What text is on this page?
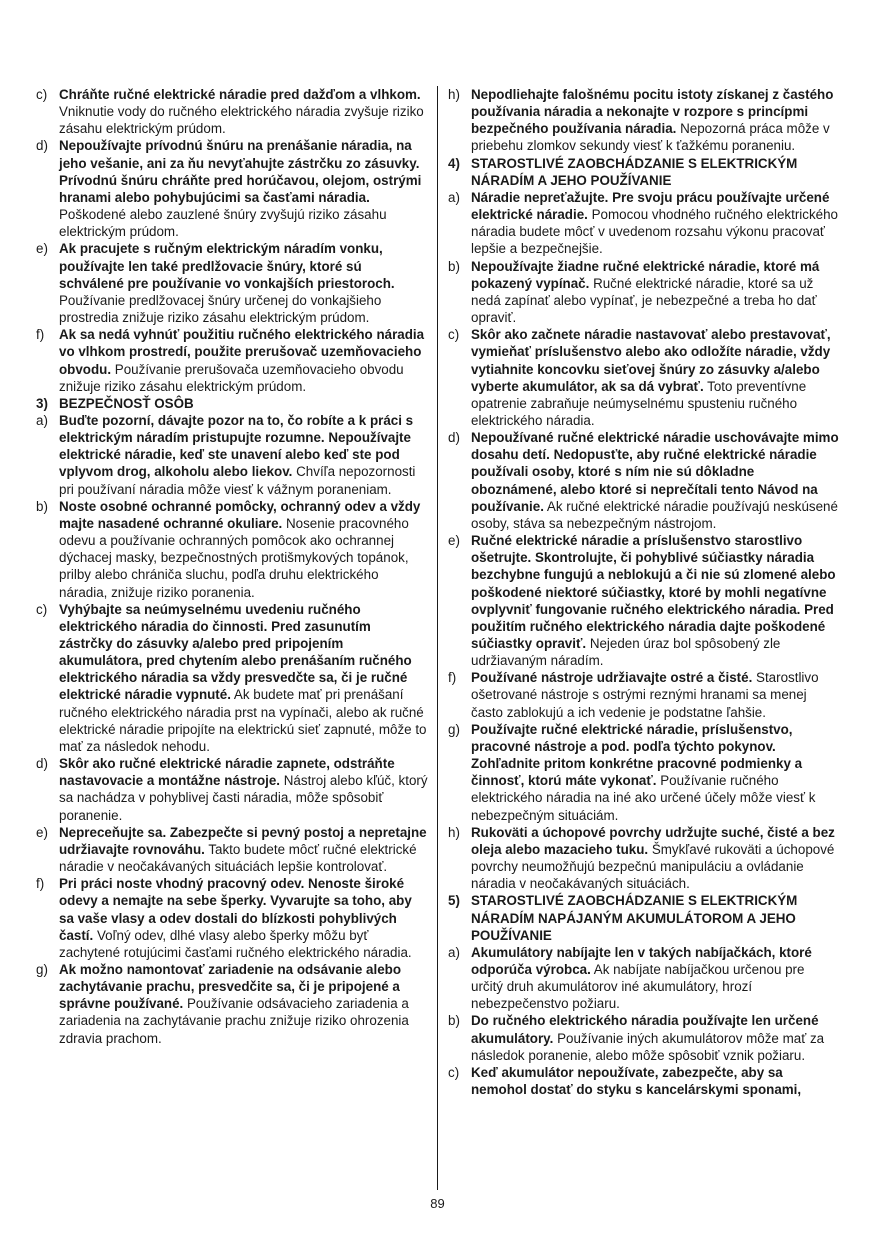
c) Chráňte ručné elektrické náradie pred dažďom a vlhkom. Vniknutie vody do ručného elektrického náradia zvyšuje riziko zásahu elektrickým prúdom.
d) Nepoužívajte prívodnú šnúru na prenášanie náradia, na jeho vešanie, ani za ňu nevyťahujte zástrčku zo zásuvky. Prívodnú šnúru chráňte pred horúčavou, olejom, ostrými hranami alebo pohybujúcimi sa časťami náradia. Poškodené alebo zauzlené šnúry zvyšujú riziko zásahu elektrickým prúdom.
e) Ak pracujete s ručným elektrickým náradím vonku, používajte len také predlžovacie šnúry, ktoré sú schválené pre používanie vo vonkajších priestoroch. Používanie predlžovacej šnúry určenej do vonkajšieho prostredia znižuje riziko zásahu elektrickým prúdom.
f) Ak sa nedá vyhnúť použitiu ručného elektrického náradia vo vlhkom prostredí, použite prerušovač uzemňovacieho obvodu. Používanie prerušovača uzemňovacieho obvodu znižuje riziko zásahu elektrickým prúdom.
3) BEZPEČNOSŤ OSÔB
a) Buďte pozorní, dávajte pozor na to, čo robíte a k práci s elektrickým náradím pristupujte rozumne. Nepoužívajte elektrické náradie, keď ste unavení alebo keď ste pod vplyvom drog, alkoholu alebo liekov. Chvíľa nepozornosti pri používaní náradia môže viesť k vážnym poraneniam.
b) Noste osobné ochranné pomôcky, ochranný odev a vždy majte nasadené ochranné okuliare. Nosenie pracovného odevu a používanie ochranných pomôcok ako ochrannej dýchacej masky, bezpečnostných protišmykových topánok, prilby alebo chrániča sluchu, podľa druhu elektrického náradia, znižuje riziko poranenia.
c) Vyhýbajte sa neúmyselnému uvedeniu ručného elektrického náradia do činnosti. Pred zasunutím zástrčky do zásuvky a/alebo pred pripojením akumulátora, pred chytením alebo prenášaním ručného elektrického náradia sa vždy presvedčte sa, či je ručné elektrické náradie vypnuté. Ak budete mať pri prenášaní ručného elektrického náradia prst na vypínači, alebo ak ručné elektrické náradie pripojíte na elektrickú sieť zapnuté, môže to mať za následok nehodu.
d) Skôr ako ručné elektrické náradie zapnete, odstráňte nastavovacie a montážne nástroje. Nástroj alebo kľúč, ktorý sa nachádza v pohyblivej časti náradia, môže spôsobiť poranenie.
e) Nepreceňujte sa. Zabezpečte si pevný postoj a nepretajne udržiavajte rovnováhu. Takto budete môcť ručné elektrické náradie v neočakávaných situáciách lepšie kontrolovať.
f) Pri práci noste vhodný pracovný odev. Nenoste široké odevy a nemajte na sebe šperky. Vyvarujte sa toho, aby sa vaše vlasy a odev dostali do blízkosti pohyblivých častí. Voľný odev, dlhé vlasy alebo šperky môžu byť zachytené rotujúcimi časťami ručného elektrického náradia.
g) Ak možno namontovať zariadenie na odsávanie alebo zachytávanie prachu, presvedčite sa, či je pripojené a správne používané. Používanie odsávacieho zariadenia a zariadenia na zachytávanie prachu znižuje riziko ohrozenia zdravia prachom.
h) Nepodliehajte falošnému pocitu istoty získanej z častého používania náradia a nekonajte v rozpore s princípmi bezpečného používania náradia. Nepozorná práca môže v priebehu zlomkov sekundy viesť k ťažkému poraneniu.
4) STAROSTLIVÉ ZAOBCHÁDZANIE S ELEKTRICKÝM NÁRADÍM A JEHO POUŽÍVANIE
a) Náradie nepreťažujte. Pre svoju prácu používajte určené elektrické náradie. Pomocou vhodného ručného elektrického náradia budete môcť v uvedenom rozsahu výkonu pracovať lepšie a bezpečnejšie.
b) Nepoužívajte žiadne ručné elektrické náradie, ktoré má pokazený vypínač. Ručné elektrické náradie, ktoré sa už nedá zapínať alebo vypínať, je nebezpečné a treba ho dať opraviť.
c) Skôr ako začnete náradie nastavovať alebo prestavovať, vymieňať príslušenstvo alebo ako odložíte náradie, vždy vytiahnite koncovku sieťovej šnúry zo zásuvky a/alebo vyberte akumulátor, ak sa dá vybrať. Toto preventívne opatrenie zabraňuje neúmyselnému spusteniu ručného elektrického náradia.
d) Nepoužívané ručné elektrické náradie uschovávajte mimo dosahu detí. Nedopusťte, aby ručné elektrické náradie používali osoby, ktoré s ním nie sú dôkladne oboznámené, alebo ktoré si neprečítali tento Návod na používanie. Ak ručné elektrické náradie používajú neskúsené osoby, stáva sa nebezpečným nástrojom.
e) Ručné elektrické náradie a príslušenstvo starostlivo ošetrujte. Skontrolujte, či pohyblivé súčiastky náradia bezchybne fungujú a neblokujú a či nie sú zlomené alebo poškodené niektoré súčiastky, ktoré by mohli negatívne ovplyvniť fungovanie ručného elektrického náradia. Pred použitím ručného elektrického náradia dajte poškodené súčiastky opraviť. Nejeden úraz bol spôsobený zle udržiavaným náradím.
f) Používané nástroje udržiavajte ostré a čisté. Starostlivo ošetrované nástroje s ostrými reznými hranami sa menej často zablokujú a ich vedenie je podstatne ľahšie.
g) Používajte ručné elektrické náradie, príslušenstvo, pracovné nástroje a pod. podľa týchto pokynov. Zohľadnite pritom konkrétne pracovné podmienky a činnosť, ktorú máte vykonať. Používanie ručného elektrického náradia na iné ako určené účely môže viesť k nebezpečným situáciám.
h) Rukoväti a úchopové povrchy udržujte suché, čisté a bez oleja alebo mazacieho tuku. Šmykľavé rukoväti a úchopové povrchy neumožňujú bezpečnú manipuláciu a ovládanie náradia v neočakávaných situáciách.
5) STAROSTLIVÉ ZAOBCHÁDZANIE S ELEKTRICKÝM NÁRADÍM NAPÁJANÝM AKUMULÁTOROM A JEHO POUŽÍVANIE
a) Akumulátory nabíjajte len v takých nabíjačkách, ktoré odporúča výrobca. Ak nabíjate nabíjačkou určenou pre určitý druh akumulátorov iné akumulátory, hrozí nebezpečenstvo požiaru.
b) Do ručného elektrického náradia používajte len určené akumulátory. Používanie iných akumulátorov môže mať za následok poranenie, alebo môže spôsobiť vznik požiaru.
c) Keď akumulátor nepoužívate, zabezpečte, aby sa nemohol dostať do styku s kancelárskymi sponami,
89
